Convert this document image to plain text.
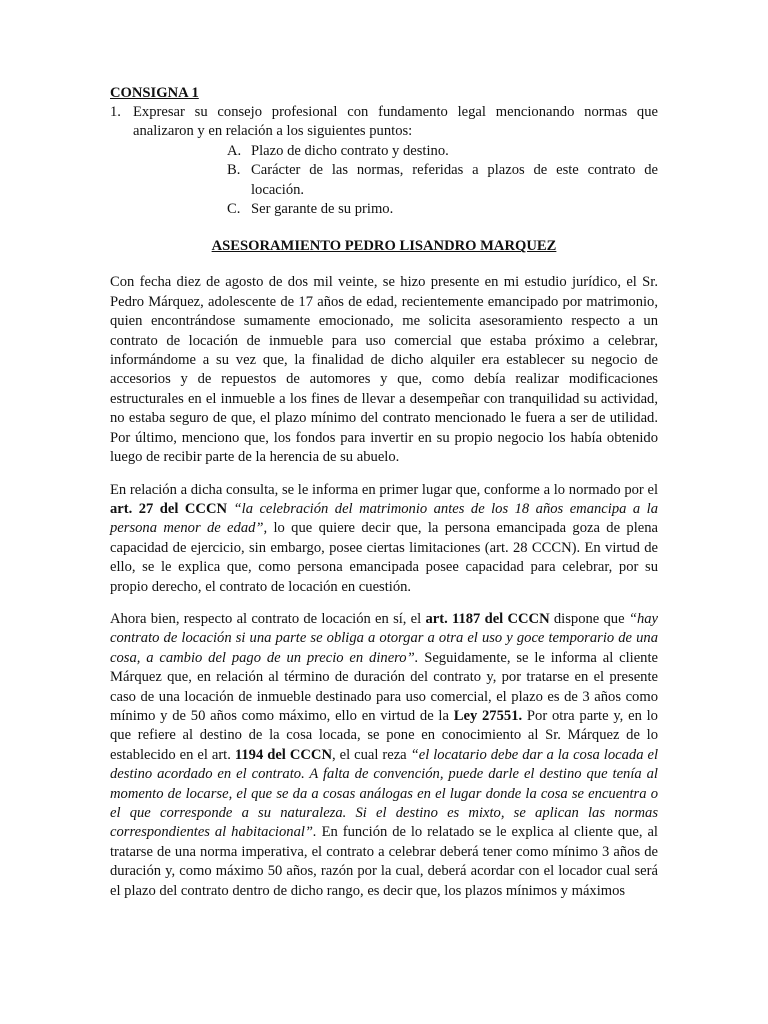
CONSIGNA 1

1. Expresar su consejo profesional con fundamento legal mencionando normas que analizaron y en relación a los siguientes puntos:
A. Plazo de dicho contrato y destino.
B. Carácter de las normas, referidas a plazos de este contrato de locación.
C. Ser garante de su primo.

ASESORAMIENTO PEDRO LISANDRO MARQUEZ

Con fecha diez de agosto de dos mil veinte, se hizo presente en mi estudio jurídico, el Sr. Pedro Márquez, adolescente de 17 años de edad, recientemente emancipado por matrimonio, quien encontrándose sumamente emocionado, me solicita asesoramiento respecto a un contrato de locación de inmueble para uso comercial que estaba próximo a celebrar, informándome a su vez que, la finalidad de dicho alquiler era establecer su negocio de accesorios y de repuestos de automores y que, como debía realizar modificaciones estructurales en el inmueble a los fines de llevar a desempeñar con tranquilidad su actividad, no estaba seguro de que, el plazo mínimo del contrato mencionado le fuera a ser de utilidad. Por último, menciono que, los fondos para invertir en su propio negocio los había obtenido luego de recibir parte de la herencia de su abuelo.

En relación a dicha consulta, se le informa en primer lugar que, conforme a lo normado por el art. 27 del CCCN “la celebración del matrimonio antes de los 18 años emancipa a la persona menor de edad”, lo que quiere decir que, la persona emancipada goza de plena capacidad de ejercicio, sin embargo, posee ciertas limitaciones (art. 28 CCCN). En virtud de ello, se le explica que, como persona emancipada posee capacidad para celebrar, por su propio derecho, el contrato de locación en cuestión.

Ahora bien, respecto al contrato de locación en sí, el art. 1187 del CCCN dispone que “hay contrato de locación si una parte se obliga a otorgar a otra el uso y goce temporario de una cosa, a cambio del pago de un precio en dinero”. Seguidamente, se le informa al cliente Márquez que, en relación al término de duración del contrato y, por tratarse en el presente caso de una locación de inmueble destinado para uso comercial, el plazo es de 3 años como mínimo y de 50 años como máximo, ello en virtud de la Ley 27551. Por otra parte y, en lo que refiere al destino de la cosa locada, se pone en conocimiento al Sr. Márquez de lo establecido en el art. 1194 del CCCN, el cual reza “el locatario debe dar a la cosa locada el destino acordado en el contrato. A falta de convención, puede darle el destino que tenía al momento de locarse, el que se da a cosas análogas en el lugar donde la cosa se encuentra o el que corresponde a su naturaleza. Si el destino es mixto, se aplican las normas correspondientes al habitacional”. En función de lo relatado se le explica al cliente que, al tratarse de una norma imperativa, el contrato a celebrar deberá tener como mínimo 3 años de duración y, como máximo 50 años, razón por la cual, deberá acordar con el locador cual será el plazo del contrato dentro de dicho rango, es decir que, los plazos mínimos y máximos
